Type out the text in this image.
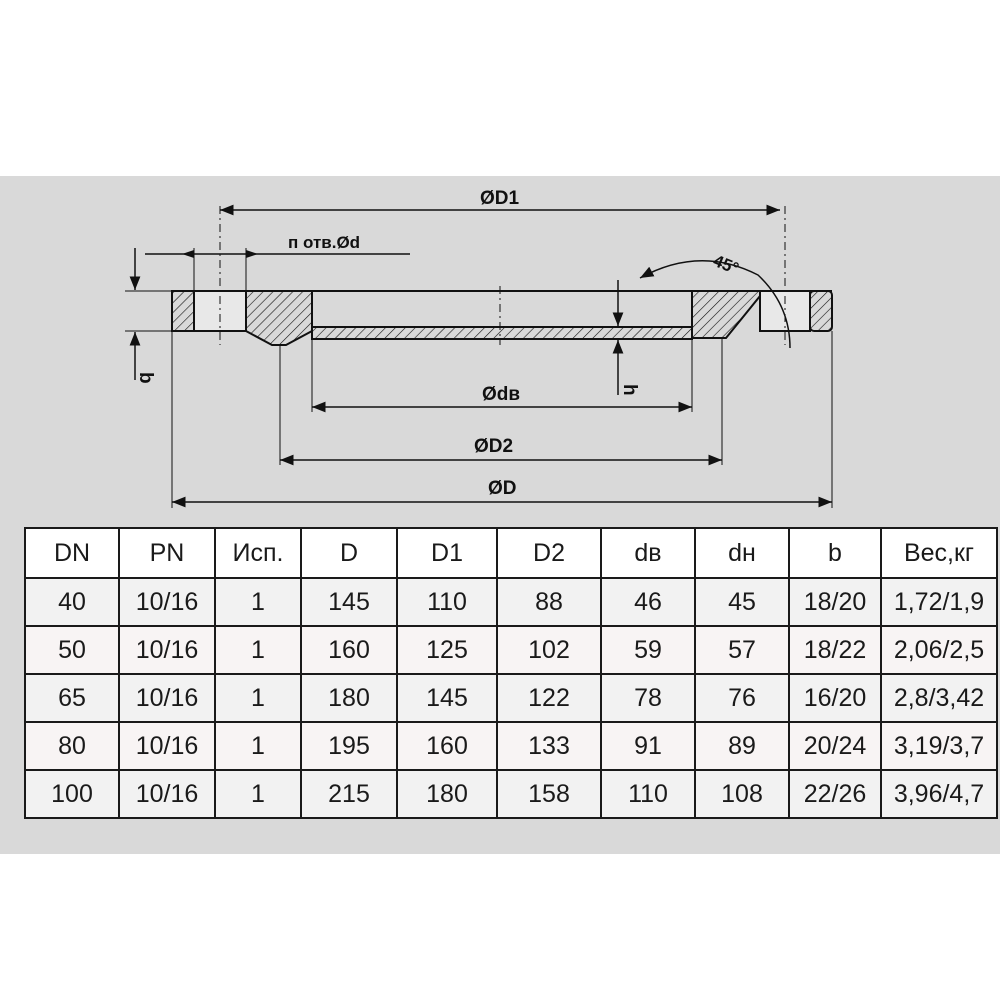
ØD1
п отв.Ød
b
h
45°
Ødв
ØD2
ØD
DN	PN	Исп.	D	D1	D2	dв	dн	b	Вес,кг
40	10/16	1	145	110	88	46	45	18/20	1,72/1,9
50	10/16	1	160	125	102	59	57	18/22	2,06/2,5
65	10/16	1	180	145	122	78	76	16/20	2,8/3,42
80	10/16	1	195	160	133	91	89	20/24	3,19/3,7
100	10/16	1	215	180	158	110	108	22/26	3,96/4,7
